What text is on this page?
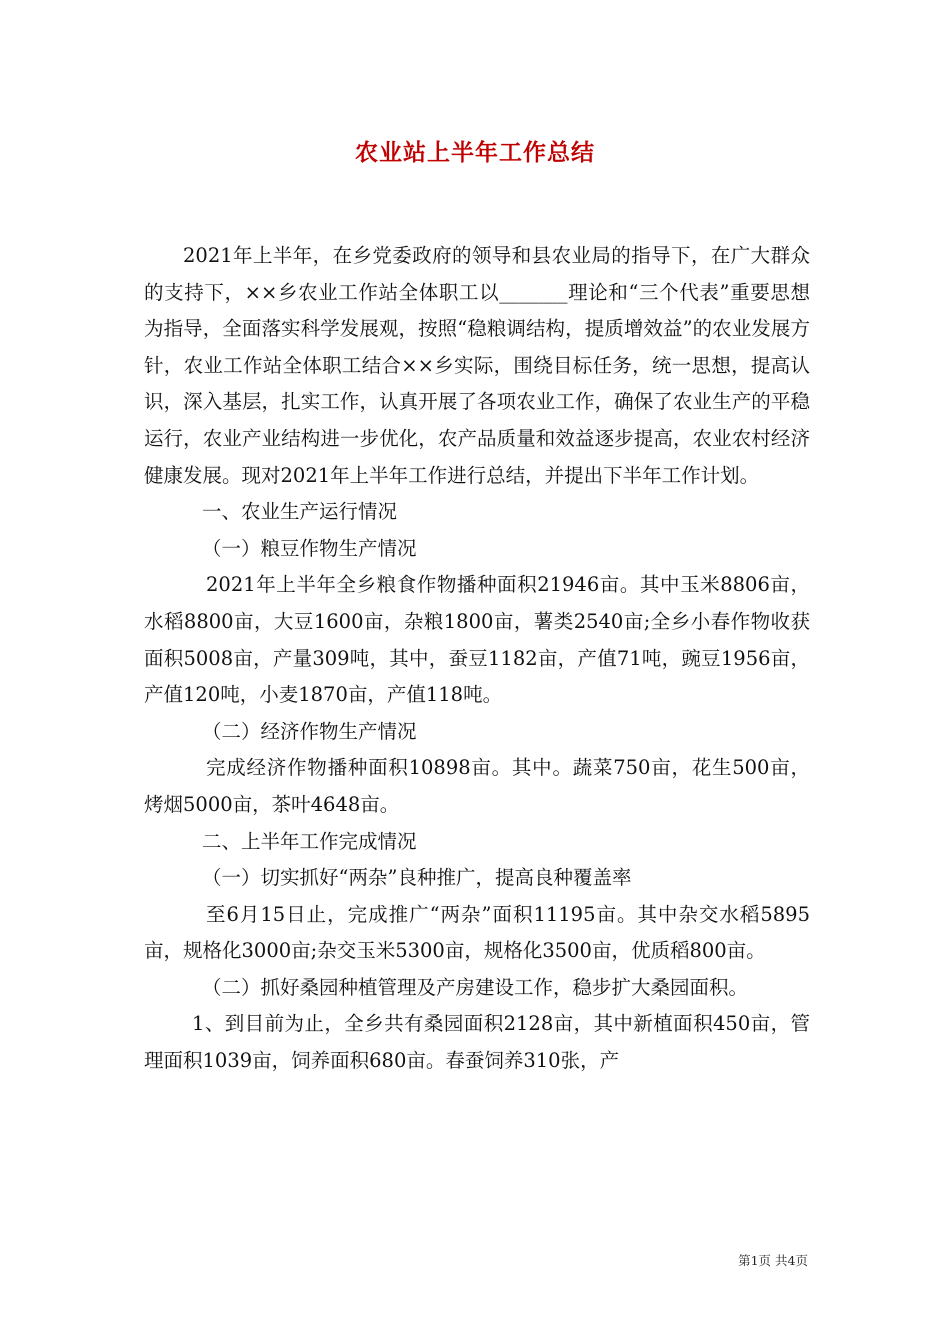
农业站上半年工作总结

2021年上半年，在乡党委政府的领导和县农业局的指导下，在广大群众的支持下，××乡农业工作站全体职工以_______理论和“三个代表”重要思想为指导，全面落实科学发展观，按照“稳粮调结构，提质增效益”的农业发展方针，农业工作站全体职工结合××乡实际，围绕目标任务，统一思想，提高认识，深入基层，扎实工作，认真开展了各项农业工作，确保了农业生产的平稳运行，农业产业结构进一步优化，农产品质量和效益逐步提高，农业农村经济健康发展。现对2021年上半年工作进行总结，并提出下半年工作计划。

一、农业生产运行情况

（一）粮豆作物生产情况

2021年上半年全乡粮食作物播种面积21946亩。其中玉米8806亩，水稻8800亩，大豆1600亩，杂粮1800亩，薯类2540亩;全乡小春作物收获面积5008亩，产量309吨，其中，蚕豆1182亩，产值71吨，豌豆1956亩，产值120吨，小麦1870亩，产值118吨。

（二）经济作物生产情况

完成经济作物播种面积10898亩。其中。蔬菜750亩，花生500亩，烤烟5000亩，茶叶4648亩。

二、上半年工作完成情况

（一）切实抓好“两杂”良种推广，提高良种覆盖率

至6月15日止，完成推广“两杂”面积11195亩。其中杂交水稻5895亩，规格化3000亩;杂交玉米5300亩，规格化3500亩，优质稻800亩。

（二）抓好桑园种植管理及产房建设工作，稳步扩大桑园面积。

1、到目前为止，全乡共有桑园面积2128亩，其中新植面积450亩，管理面积1039亩，饲养面积680亩。春蚕饲养310张，产

第1页 共4页
